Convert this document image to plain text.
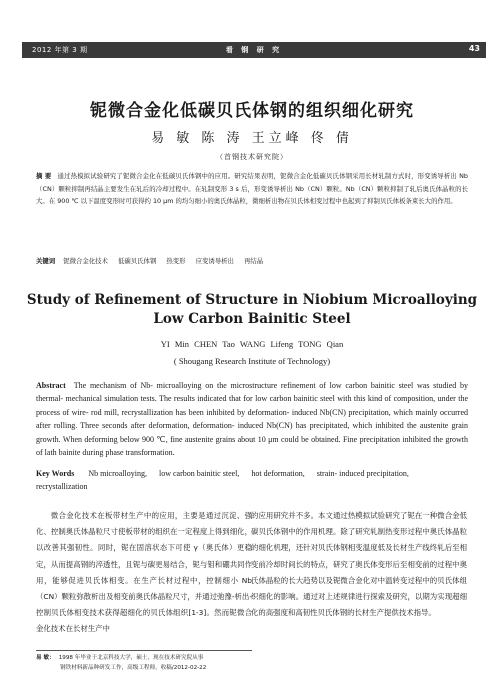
2012 年第 3 期	看 钢 研 究	43
铌微合金化低碳贝氏体钢的组织细化研究
易 敏 陈 涛 王立峰 佟 倩
（首钢技术研究院）
摘 要 通过热模拟试验研究了铌微合金化在低碳贝氏体钢中的应用。研究结果表明，铌微合金化低碳贝氏体钢采用长材轧制方式时，形变诱导析出 Nb（CN）颗粒抑制再结晶主要发生在轧后的冷却过程中。在轧制变形 3 s 后，形变诱导析出 Nb（CN）颗粒。Nb（CN）颗粒抑制了轧后奥氏体晶粒的长大。在 900 ℃ 以下温度变形时可获得约 10 μm 的均匀细小的奥氏体晶粒，微细析出物在贝氏体相变过程中也起到了抑制贝氏体板条束长大的作用。
关键词 铌微合金化技术 低碳贝氏体钢 热变形 应变诱导析出 再结晶
Study of Refinement of Structure in Niobium Microalloying
Low Carbon Bainitic Steel
YI Min CHEN Tao WANG Lifeng TONG Qian
( Shougang Research Institute of Technology)
Abstract The mechanism of Nb- microalloying on the microstructure refinement of low carbon bainitic steel was studied by thermal- mechanical simulation tests. The results indicated that for low carbon bainitic steel with this kind of composition, under the process of wire- rod mill, recrystallization has been inhibited by deformation- induced Nb(CN) precipitation, which mainly occurred after rolling. Three seconds after deformation, deformation- induced Nb(CN) has precipitated, which inhibited the austenite grain growth. When deforming below 900 ℃, fine austenite grains about 10 μm could be obtained. Fine precipitation inhibited the growth of lath bainite during phase transformation.
Key Words Nb microalloying, low carbon bainitic steel, hot deformation, strain- induced precipitation, recrystallization

微合金化技术在板带材生产中的应用，主要是通过沉淀、强化、控制奥氏体晶粒尺寸使板带材的组织在一定程度上得到细化，以改善其强韧性。同时，铌在固溶状态下可使 γ（奥氏体）更稳定，从而提高钢的淬透性，且铌与碳更易结合，铌与钼和硼共同作用，能够促进贝氏体相变。在生产长材过程中，控制细小 Nb（CN）颗粒弥散析出及相变前奥氏体晶粒尺寸，并通过弛豫-析出-控制贝氏体相变技术获得超细化的贝氏体组织[1-3]。然而铌微合金化技术在长材生产中

的应用研究并不多。本文通过热模拟试验研究了铌在一种微合金低碳贝氏体钢中的作用机理。除了研究轧制热变形过程中奥氏体晶粒的细化机理，还针对贝氏体钢相变温度低及长材生产线终轧后至相变前冷却时间长的特点，研究了奥氏体变形后至相变前的过程中奥氏体晶粒的长大趋势以及铌微合金化对中温转变过程中的贝氏体组织细化的影响。通过对上述规律进行探索及研究，以期为实现超细化的高强度和高韧性贝氏体钢的长材生产提供技术指导。

易 敏： 1998 年毕业于北京科技大学，硕士，现在技术研究院从事
钢铁材料新品种研发工作，高级工程师，收稿/2012-02-22
